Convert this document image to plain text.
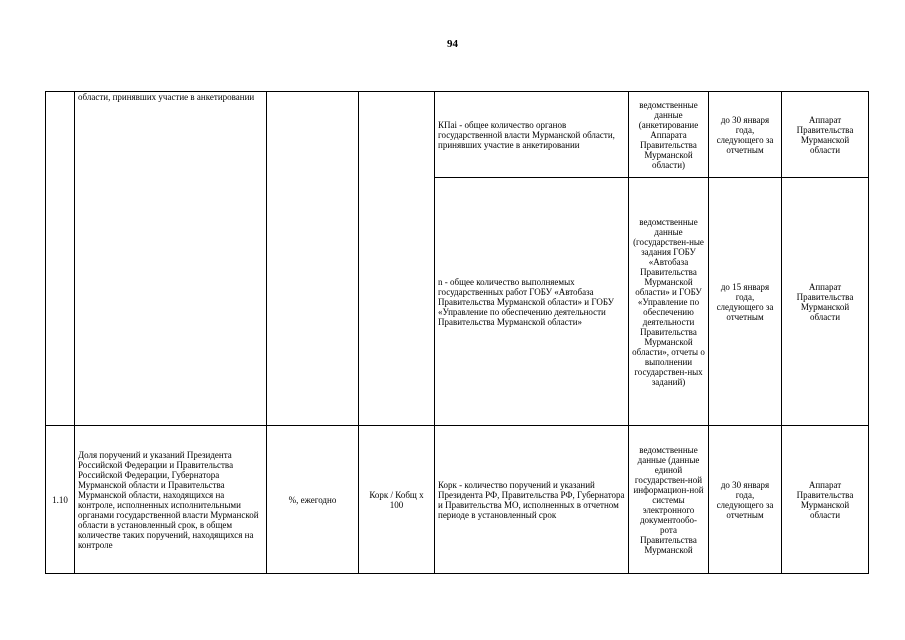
94
	области, принявших участие в анкетировании			КПаі - общее количество органов государственной власти Мурманской области, принявших участие в анкетировании	ведомственные данные (анкетирование Аппарата Правительства Мурманской области)	до 30 января года, следующего за отчетным	Аппарат Правительства Мурманской области
				n - общее количество выполняемых государственных работ ГОБУ «Автобаза Правительства Мурманской области» и ГОБУ «Управление по обеспечению деятельности Правительства Мурманской области»	ведомственные данные (государствен-ные задания ГОБУ «Автобаза Правительства Мурманской области» и ГОБУ «Управление по обеспечению деятельности Правительства Мурманской области», отчеты о выполнении государствен-ных заданий)	до 15 января года, следующего за отчетным	Аппарат Правительства Мурманской области
1.10	Доля поручений и указаний Президента Российской Федерации и Правительства Российской Федерации, Губернатора Мурманской области и Правительства Мурманской области, находящихся на контроле, исполненных исполнительными органами государственной власти Мурманской области в установленный срок, в общем количестве таких поручений, находящихся на контроле	%, ежегодно	Корк / Кобщ x 100	Корк - количество поручений и указаний Президента РФ, Правительства РФ, Губернатора и Правительства МО, исполненных в отчетном периоде в установленный срок	ведомственные данные (данные единой государствен-ной информацион-ной системы электронного документообо-рота Правительства Мурманской	до 30 января года, следующего за отчетным	Аппарат Правительства Мурманской области
